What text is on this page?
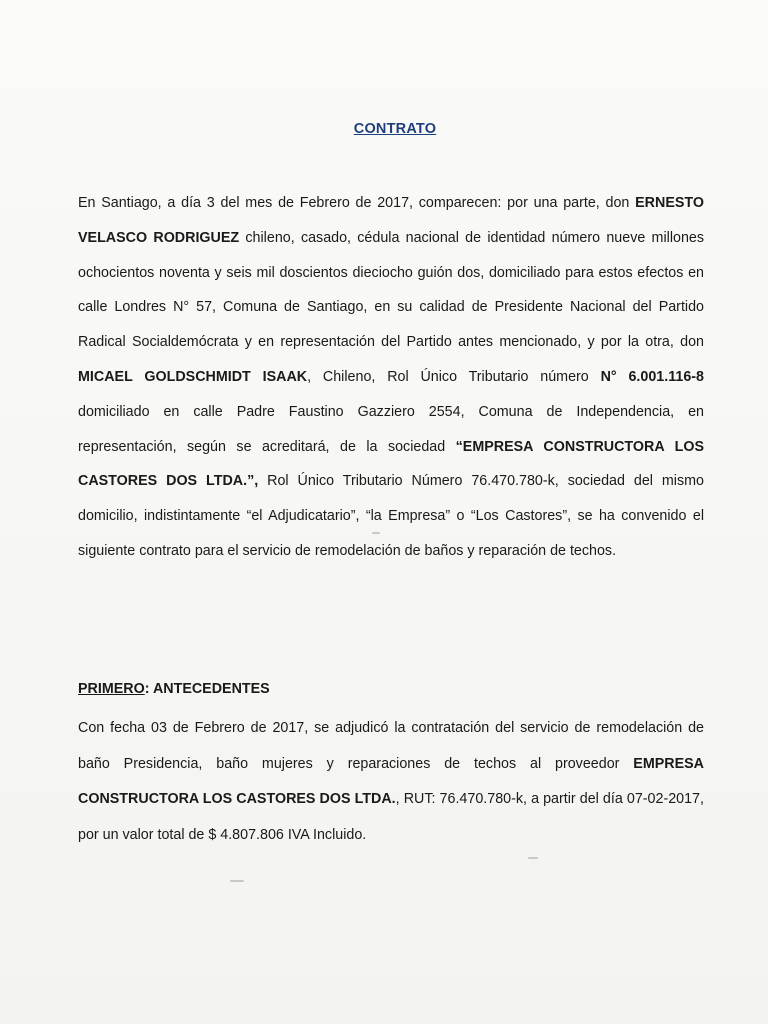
CONTRATO

En Santiago, a día 3 del mes de Febrero de 2017, comparecen: por una parte, don ERNESTO VELASCO RODRIGUEZ chileno, casado, cédula nacional de identidad número nueve millones ochocientos noventa y seis mil doscientos dieciocho guión dos, domiciliado para estos efectos en calle Londres N° 57, Comuna de Santiago, en su calidad de Presidente Nacional del Partido Radical Socialdemócrata y en representación del Partido antes mencionado, y por la otra, don MICAEL GOLDSCHMIDT ISAAK, Chileno, Rol Único Tributario número N° 6.001.116-8 domiciliado en calle Padre Faustino Gazziero 2554, Comuna de Independencia, en representación, según se acreditará, de la sociedad “EMPRESA CONSTRUCTORA LOS CASTORES DOS LTDA.”, Rol Único Tributario Número 76.470.780-k, sociedad del mismo domicilio, indistintamente “el Adjudicatario”, “la Empresa” o “Los Castores”, se ha convenido el siguiente contrato para el servicio de remodelación de baños y reparación de techos.

PRIMERO: ANTECEDENTES

Con fecha 03 de Febrero de 2017, se adjudicó la contratación del servicio de remodelación de baño Presidencia, baño mujeres y reparaciones de techos al proveedor EMPRESA CONSTRUCTORA LOS CASTORES DOS LTDA., RUT: 76.470.780-k, a partir del día 07-02-2017, por un valor total de $ 4.807.806 IVA Incluido.
